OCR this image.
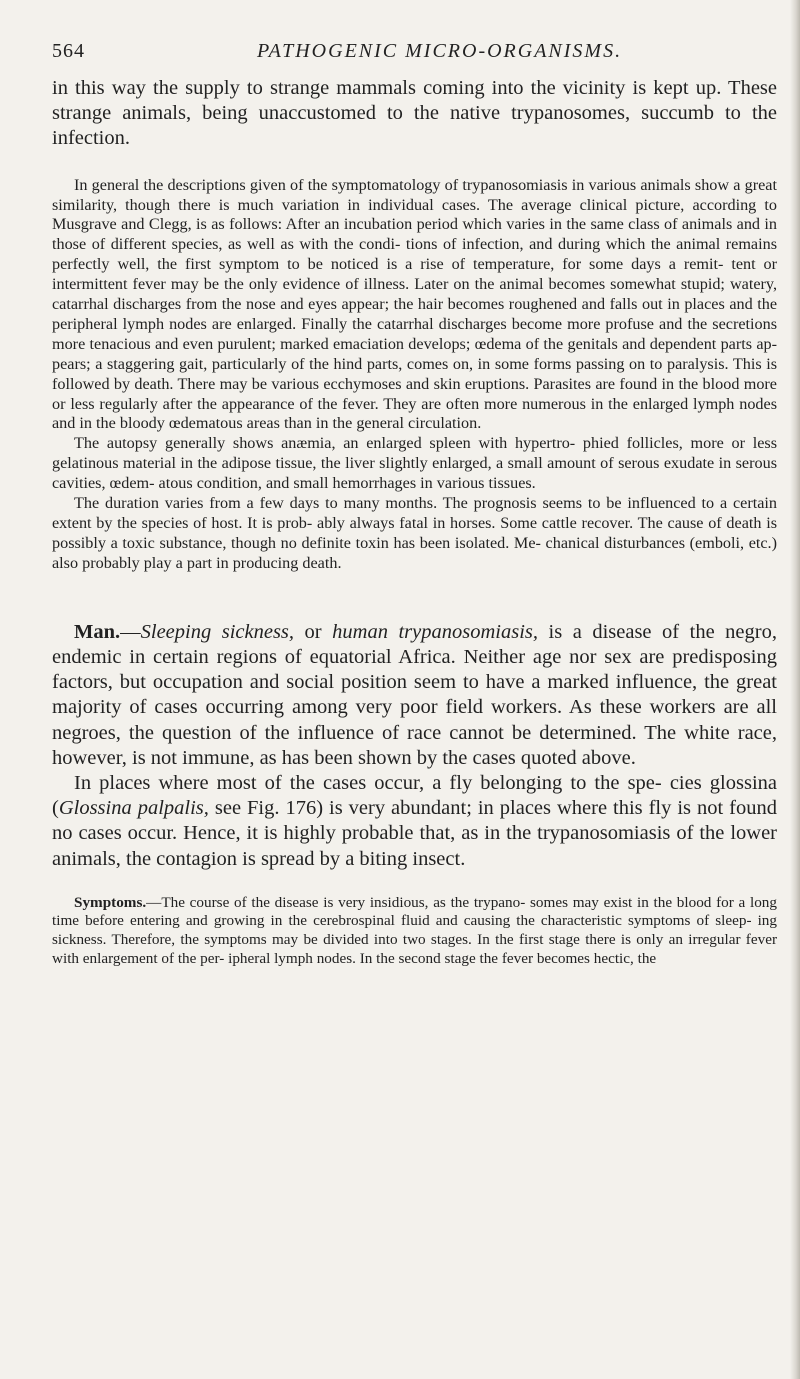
564	PATHOGENIC MICRO-ORGANISMS.

in this way the supply to strange mammals coming into the vicinity is kept up. These strange animals, being unaccustomed to the native trypanosomes, succumb to the infection.

In general the descriptions given of the symptomatology of trypanosomiasis in various animals show a great similarity, though there is much variation in individual cases. The average clinical picture, according to Musgrave and Clegg, is as follows: After an incubation period which varies in the same class of animals and in those of different species, as well as with the condi- tions of infection, and during which the animal remains perfectly well, the first symptom to be noticed is a rise of temperature, for some days a remit- tent or intermittent fever may be the only evidence of illness. Later on the animal becomes somewhat stupid; watery, catarrhal discharges from the nose and eyes appear; the hair becomes roughened and falls out in places and the peripheral lymph nodes are enlarged. Finally the catarrhal discharges become more profuse and the secretions more tenacious and even purulent; marked emaciation develops; œdema of the genitals and dependent parts ap- pears; a staggering gait, particularly of the hind parts, comes on, in some forms passing on to paralysis. This is followed by death. There may be various ecchymoses and skin eruptions. Parasites are found in the blood more or less regularly after the appearance of the fever. They are often more numerous in the enlarged lymph nodes and in the bloody œdematous areas than in the general circulation.

The autopsy generally shows anæmia, an enlarged spleen with hypertro- phied follicles, more or less gelatinous material in the adipose tissue, the liver slightly enlarged, a small amount of serous exudate in serous cavities, œdem- atous condition, and small hemorrhages in various tissues.

The duration varies from a few days to many months. The prognosis seems to be influenced to a certain extent by the species of host. It is prob- ably always fatal in horses. Some cattle recover. The cause of death is possibly a toxic substance, though no definite toxin has been isolated. Me- chanical disturbances (emboli, etc.) also probably play a part in producing death.

Man.—Sleeping sickness, or human trypanosomiasis, is a disease of the negro, endemic in certain regions of equatorial Africa. Neither age nor sex are predisposing factors, but occupation and social position seem to have a marked influence, the great majority of cases occurring among very poor field workers. As these workers are all negroes, the question of the influence of race cannot be determined. The white race, however, is not immune, as has been shown by the cases quoted above.

In places where most of the cases occur, a fly belonging to the spe- cies glossina (Glossina palpalis, see Fig. 176) is very abundant; in places where this fly is not found no cases occur. Hence, it is highly probable that, as in the trypanosomiasis of the lower animals, the contagion is spread by a biting insect.

Symptoms.—The course of the disease is very insidious, as the trypano- somes may exist in the blood for a long time before entering and growing in the cerebrospinal fluid and causing the characteristic symptoms of sleep- ing sickness. Therefore, the symptoms may be divided into two stages. In the first stage there is only an irregular fever with enlargement of the per- ipheral lymph nodes. In the second stage the fever becomes hectic, the
